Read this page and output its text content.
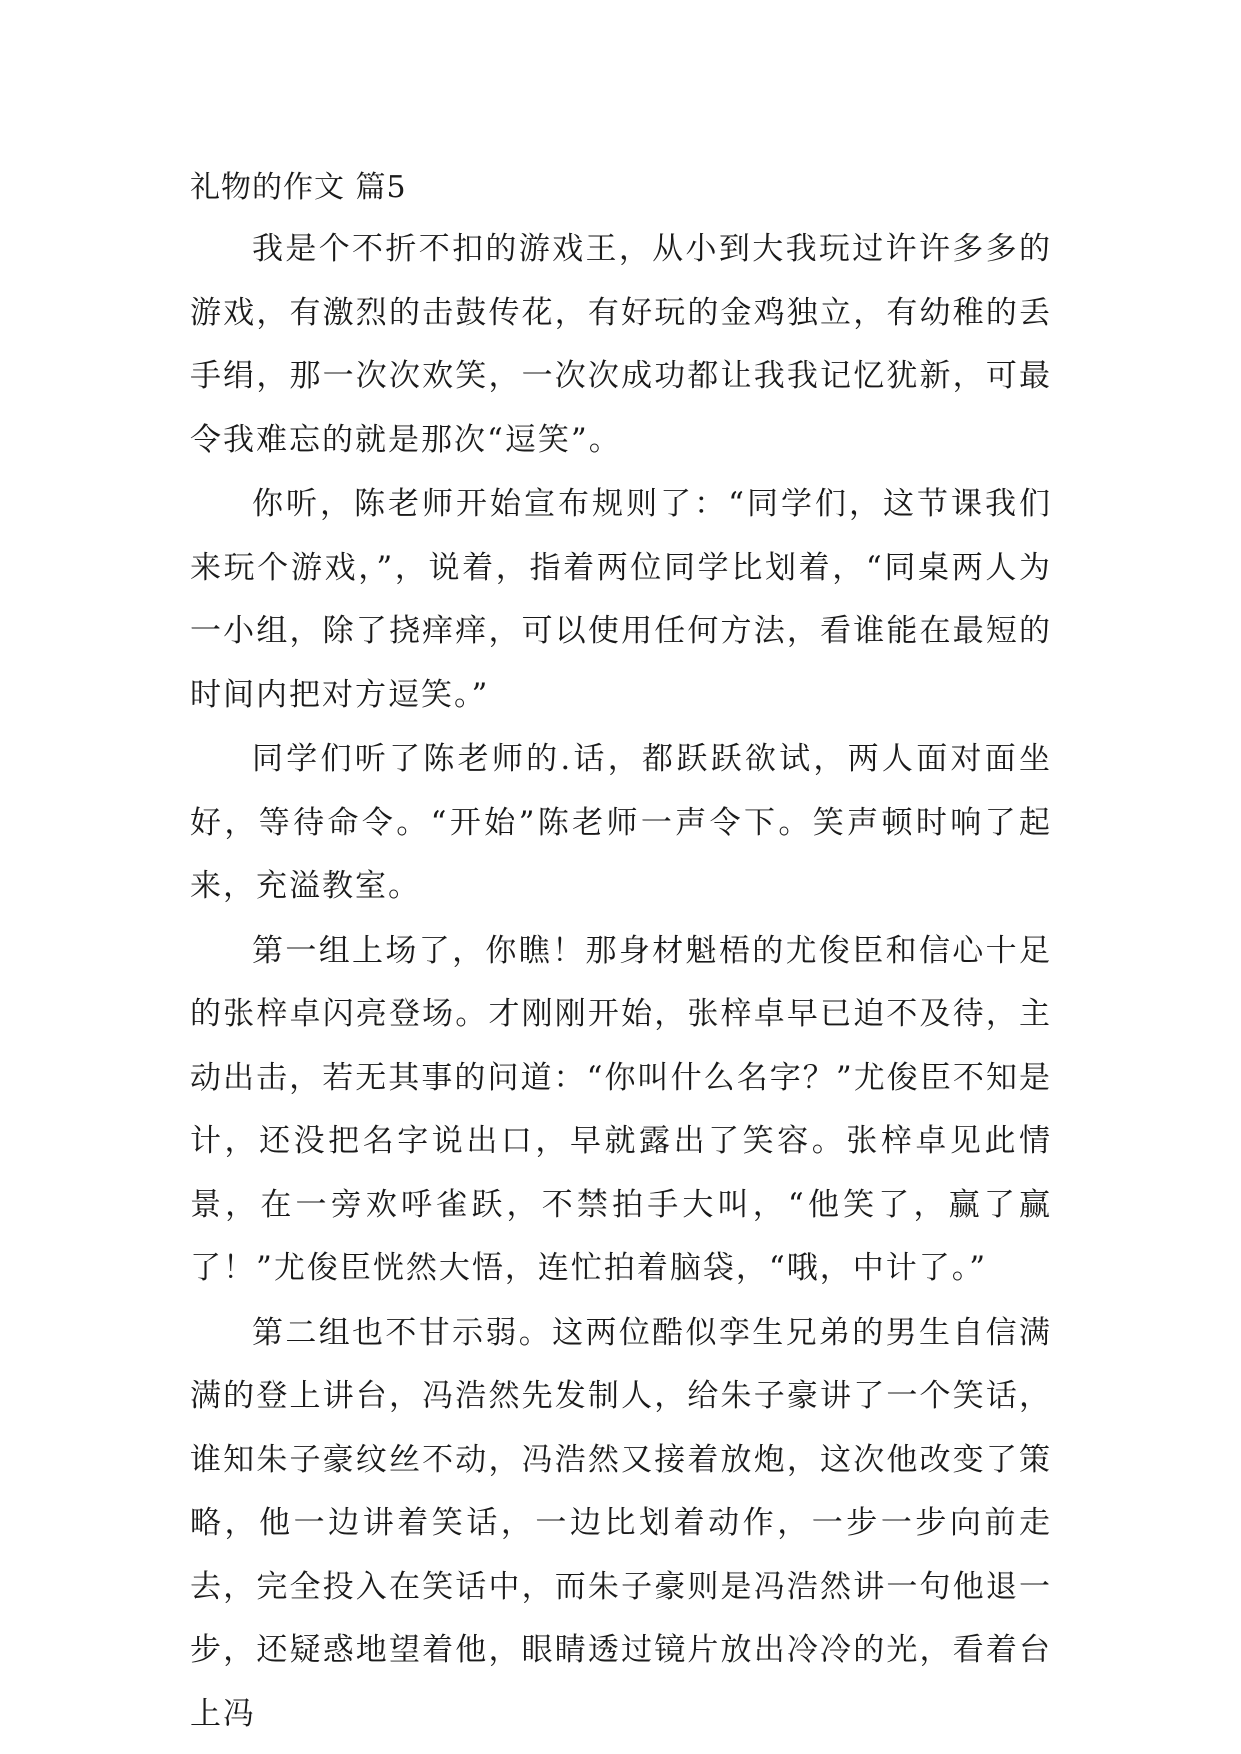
礼物的作文 篇5

我是个不折不扣的游戏王，从小到大我玩过许许多多的游戏，有激烈的击鼓传花，有好玩的金鸡独立，有幼稚的丢手绢，那一次次欢笑，一次次成功都让我我记忆犹新，可最令我难忘的就是那次“逗笑”。

你听，陈老师开始宣布规则了：“同学们，这节课我们来玩个游戏，”，说着，指着两位同学比划着，“同桌两人为一小组，除了挠痒痒，可以使用任何方法，看谁能在最短的时间内把对方逗笑。”

同学们听了陈老师的.话，都跃跃欲试，两人面对面坐好，等待命令。“开始”陈老师一声令下。笑声顿时响了起来，充溢教室。

第一组上场了，你瞧！那身材魁梧的尤俊臣和信心十足的张梓卓闪亮登场。才刚刚开始，张梓卓早已迫不及待，主动出击，若无其事的问道：“你叫什么名字？”尤俊臣不知是计，还没把名字说出口，早就露出了笑容。张梓卓见此情景，在一旁欢呼雀跃，不禁拍手大叫，“他笑了，赢了赢了！”尤俊臣恍然大悟，连忙拍着脑袋，“哦，中计了。”

第二组也不甘示弱。这两位酷似孪生兄弟的男生自信满满的登上讲台，冯浩然先发制人，给朱子豪讲了一个笑话，谁知朱子豪纹丝不动，冯浩然又接着放炮，这次他改变了策略，他一边讲着笑话，一边比划着动作，一步一步向前走去，完全投入在笑话中，而朱子豪则是冯浩然讲一句他退一步，还疑惑地望着他，眼睛透过镜片放出冷冷的光，看着台上冯
